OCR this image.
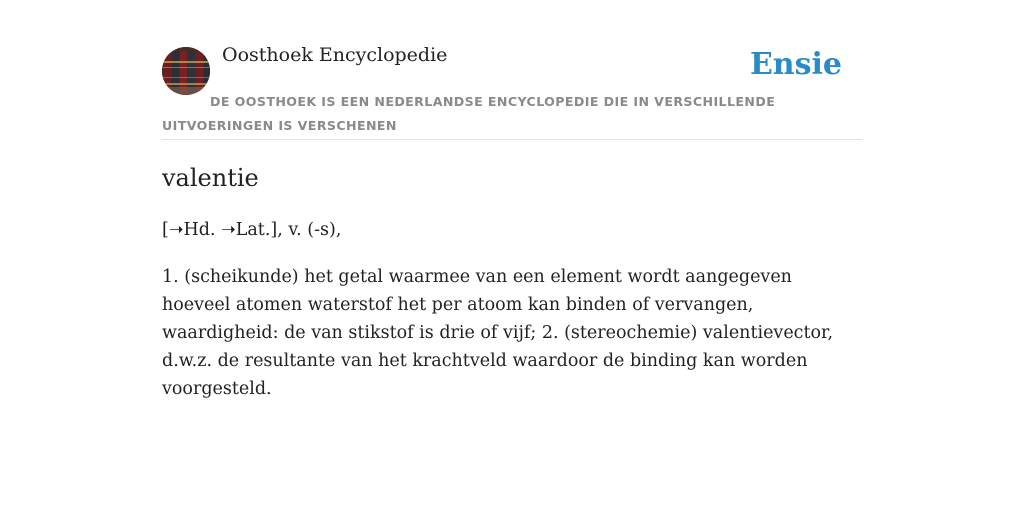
Oosthoek Encyclopedie	Ensie
DE OOSTHOEK IS EEN NEDERLANDSE ENCYCLOPEDIE DIE IN VERSCHILLENDE UITVOERINGEN IS VERSCHENEN
valentie
[➝Hd. ➝Lat.], v. (-s),
1. (scheikunde) het getal waarmee van een element wordt aangegeven hoeveel atomen waterstof het per atoom kan binden of vervangen, waardigheid: de van stikstof is drie of vijf; 2. (stereochemie) valentievector, d.w.z. de resultante van het krachtveld waardoor de binding kan worden voorgesteld.
